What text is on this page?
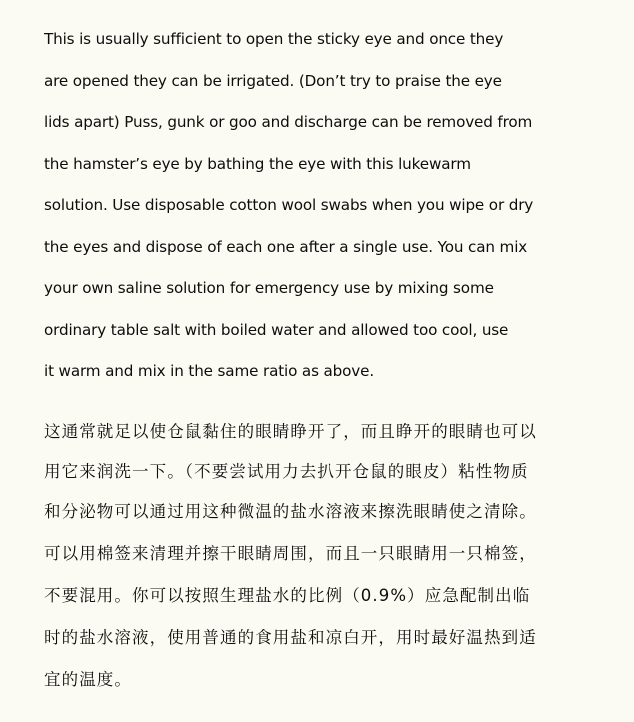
This is usually sufficient to open the sticky eye and once they
are opened they can be irrigated. (Don’t try to praise the eye
lids apart) Puss, gunk or goo and discharge can be removed from
the hamster’s eye by bathing the eye with this lukewarm
solution. Use disposable cotton wool swabs when you wipe or dry
the eyes and dispose of each one after a single use. You can mix
your own saline solution for emergency use by mixing some
ordinary table salt with boiled water and allowed too cool, use
it warm and mix in the same ratio as above.
这通常就足以使仓鼠黏住的眼睛睁开了，而且睁开的眼睛也可以
用它来润洗一下。（不要尝试用力去扒开仓鼠的眼皮）粘性物质
和分泌物可以通过用这种微温的盐水溶液来擦洗眼睛使之清除。
可以用棉签来清理并擦干眼睛周围，而且一只眼睛用一只棉签，
不要混用。你可以按照生理盐水的比例（0.9%）应急配制出临
时的盐水溶液，使用普通的食用盐和凉白开，用时最好温热到适
宜的温度。
